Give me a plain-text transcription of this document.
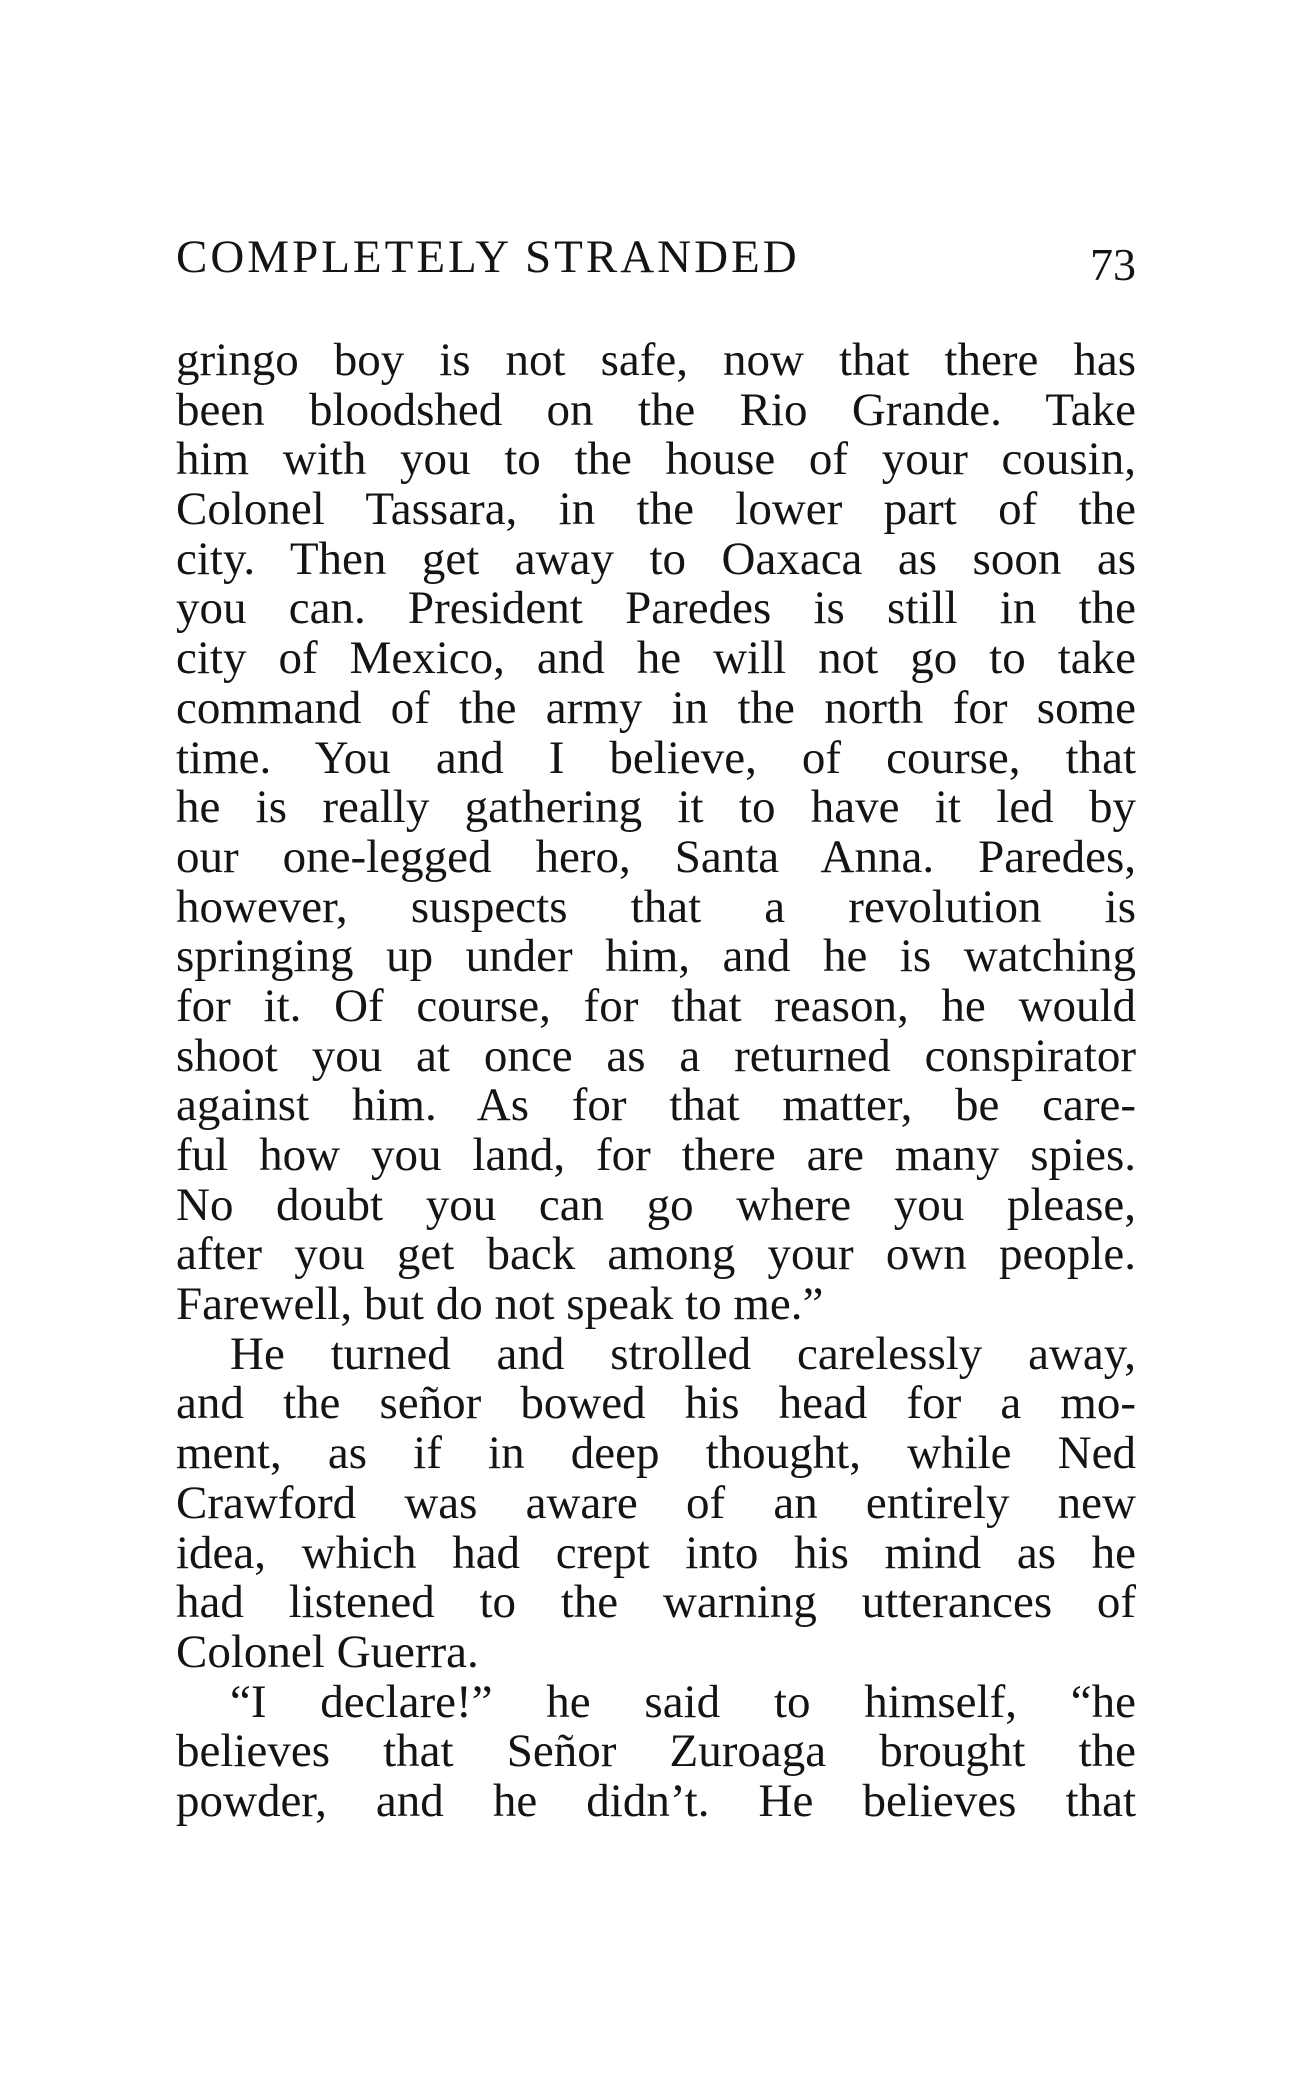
COMPLETELY STRANDED	73
gringo boy is not safe, now that there has
been bloodshed on the Rio Grande. Take
him with you to the house of your cousin,
Colonel Tassara, in the lower part of the
city. Then get away to Oaxaca as soon as
you can. President Paredes is still in the
city of Mexico, and he will not go to take
command of the army in the north for some
time. You and I believe, of course, that
he is really gathering it to have it led by
our one-legged hero, Santa Anna. Paredes,
however, suspects that a revolution is
springing up under him, and he is watching
for it. Of course, for that reason, he would
shoot you at once as a returned conspirator
against him. As for that matter, be care-
ful how you land, for there are many spies.
No doubt you can go where you please,
after you get back among your own people.
Farewell, but do not speak to me.”
He turned and strolled carelessly away,
and the señor bowed his head for a mo-
ment, as if in deep thought, while Ned
Crawford was aware of an entirely new
idea, which had crept into his mind as he
had listened to the warning utterances of
Colonel Guerra.
“I declare!” he said to himself, “he
believes that Señor Zuroaga brought the
powder, and he didn’t. He believes that
